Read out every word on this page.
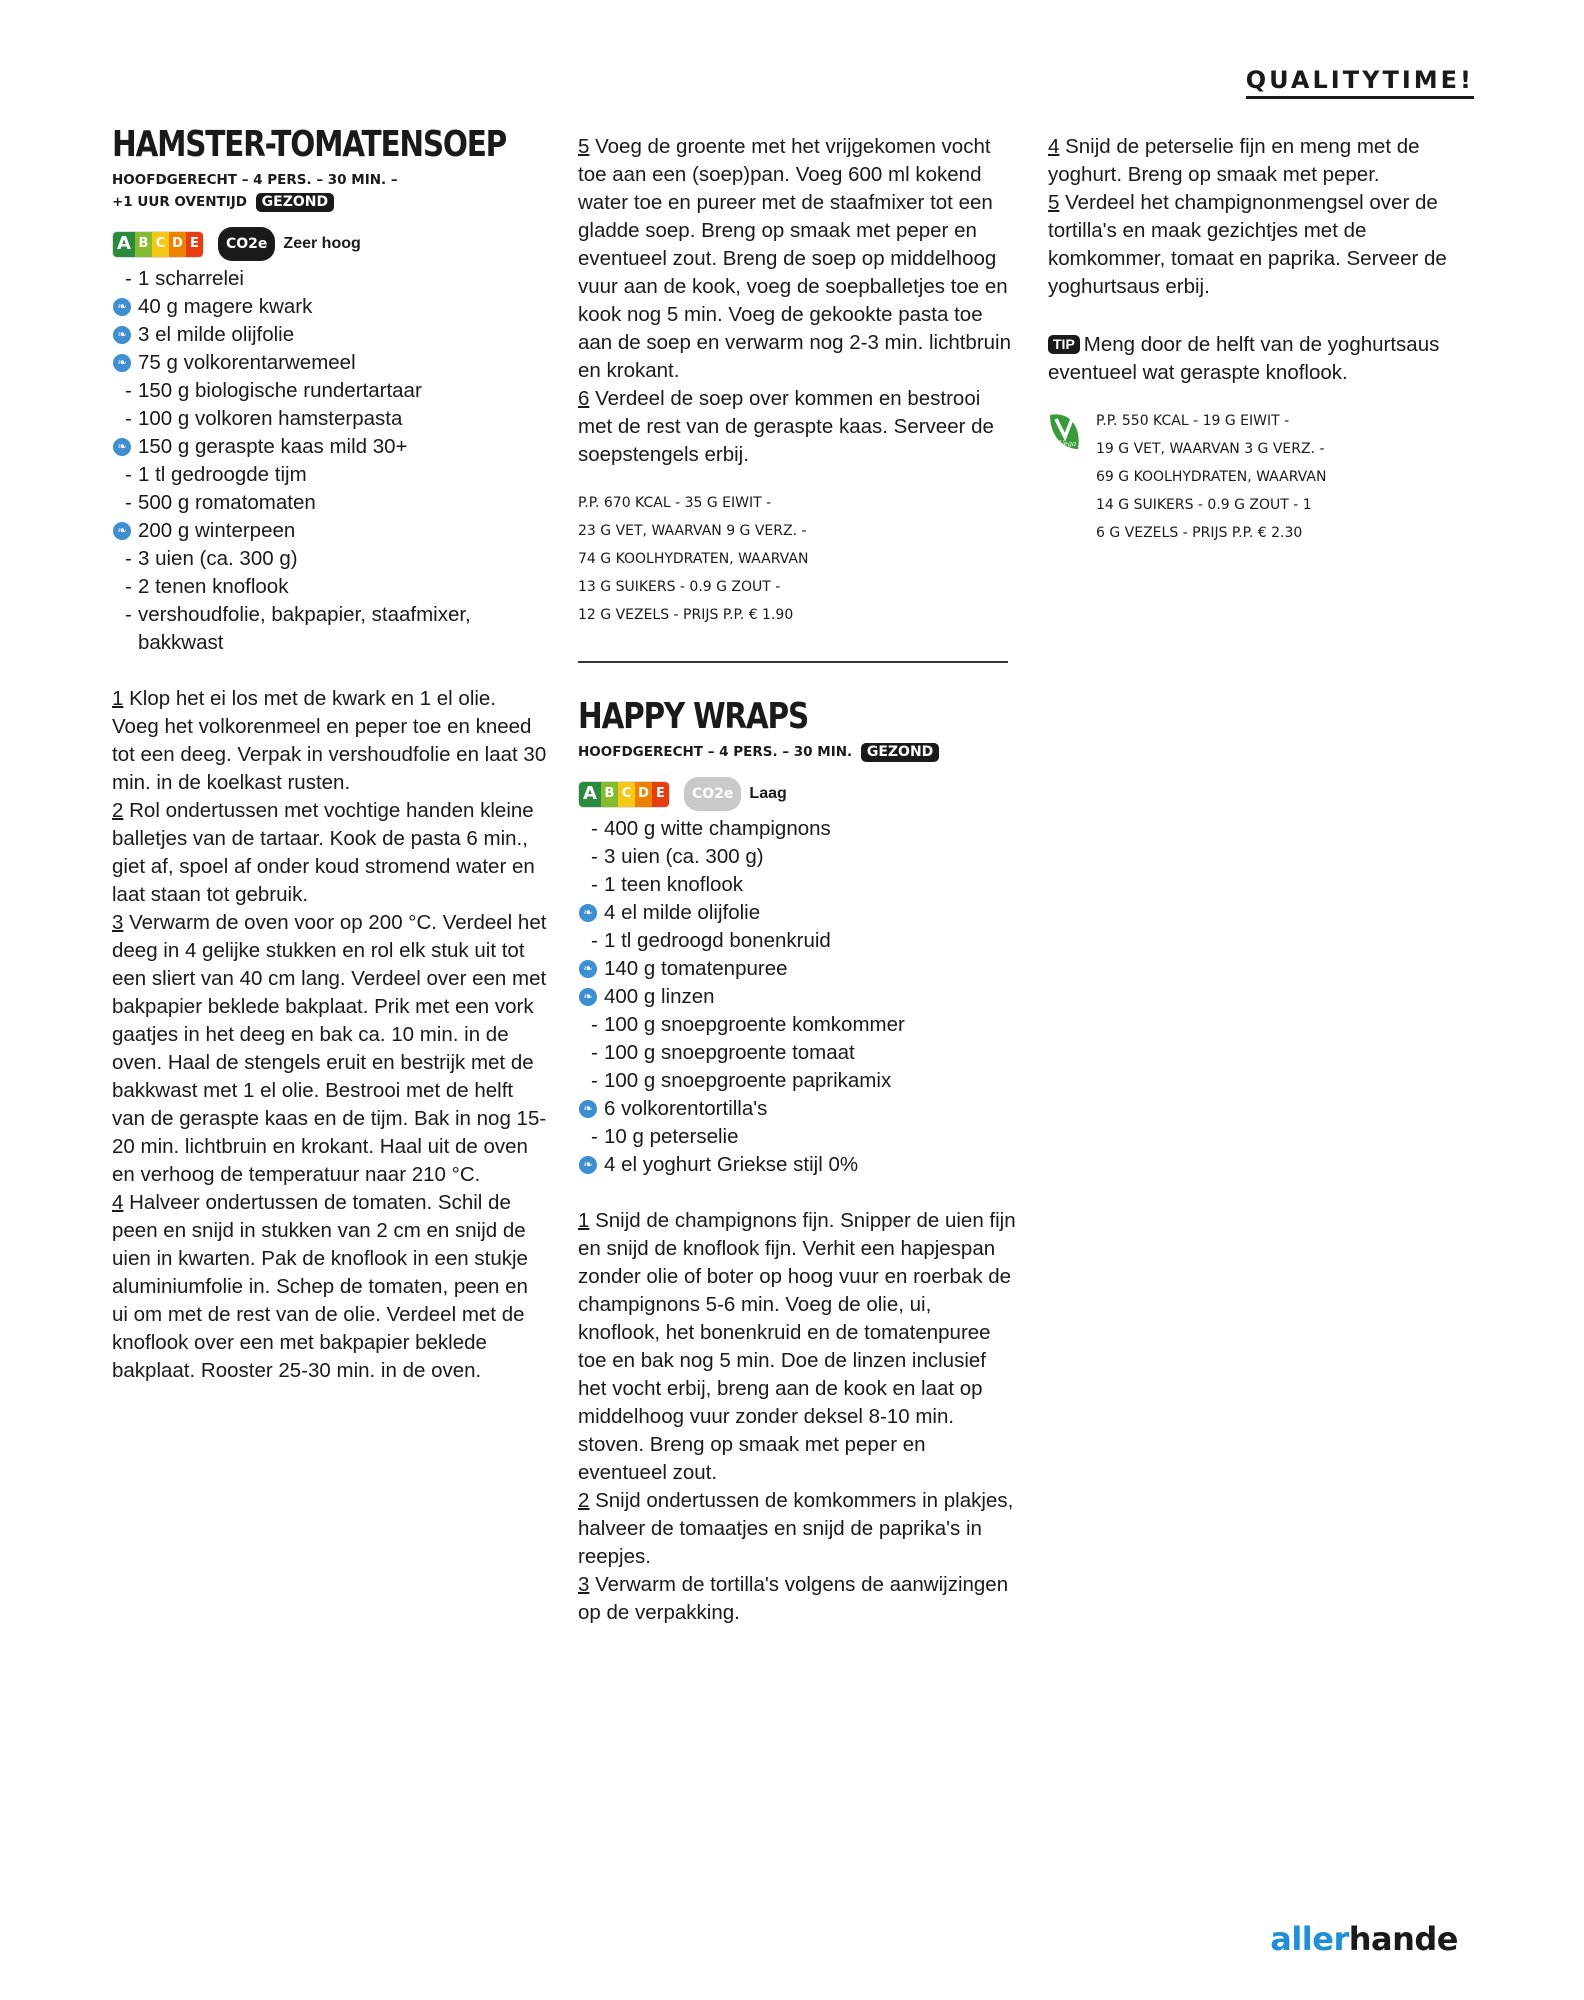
QUALITYTIME!
HAMSTER-TOMATENSOEP
HOOFDGERECHT – 4 PERS. – 30 MIN. –
+1 UUR OVENTIJD GEZOND
A B C D E	CO2e	Zeer hoog
- 1 scharrelei
❧ 40 g magere kwark
❧ 3 el milde olijfolie
❧ 75 g volkorentarwemeel
- 150 g biologische rundertartaar
- 100 g volkoren hamsterpasta
❧ 150 g geraspte kaas mild 30+
- 1 tl gedroogde tijm
- 500 g romatomaten
❧ 200 g winterpeen
- 3 uien (ca. 300 g)
- 2 tenen knoflook
- vershoudfolie, bakpapier, staafmixer, bakkwast

1 Klop het ei los met de kwark en 1 el olie. Voeg het volkorenmeel en peper toe en kneed tot een deeg. Verpak in vershoudfolie en laat 30 min. in de koelkast rusten.

2 Rol ondertussen met vochtige handen kleine balletjes van de tartaar. Kook de pasta 6 min., giet af, spoel af onder koud stromend water en laat staan tot gebruik.

3 Verwarm de oven voor op 200 °C. Verdeel het deeg in 4 gelijke stukken en rol elk stuk uit tot een sliert van 40 cm lang. Verdeel over een met bakpapier beklede bakplaat. Prik met een vork gaatjes in het deeg en bak ca. 10 min. in de oven. Haal de stengels eruit en bestrijk met de bakkwast met 1 el olie. Bestrooi met de helft van de geraspte kaas en de tijm. Bak in nog 15-20 min. lichtbruin en krokant. Haal uit de oven en verhoog de temperatuur naar 210 °C.

4 Halveer ondertussen de tomaten. Schil de peen en snijd in stukken van 2 cm en snijd de uien in kwarten. Pak de knoflook in een stukje aluminiumfolie in. Schep de tomaten, peen en ui om met de rest van de olie. Verdeel met de knoflook over een met bakpapier beklede bakplaat. Rooster 25-30 min. in de oven.

5 Voeg de groente met het vrijgekomen vocht toe aan een (soep)pan. Voeg 600 ml kokend water toe en pureer met de staafmixer tot een gladde soep. Breng op smaak met peper en eventueel zout. Breng de soep op middelhoog vuur aan de kook, voeg de soepballetjes toe en kook nog 5 min. Voeg de gekookte pasta toe aan de soep en verwarm nog 2-3 min. lichtbruin en krokant.

6 Verdeel de soep over kommen en bestrooi met de rest van de geraspte kaas. Serveer de soepstengels erbij.

P.P. 670 KCAL - 35 G EIWIT -
23 G VET, WAARVAN 9 G VERZ. -
74 G KOOLHYDRATEN, WAARVAN
13 G SUIKERS - 0.9 G ZOUT -
12 G VEZELS - PRIJS P.P. € 1.90
HAPPY WRAPS
HOOFDGERECHT – 4 PERS. – 30 MIN. GEZOND
A B C D E	CO2e	Laag
- 400 g witte champignons
- 3 uien (ca. 300 g)
- 1 teen knoflook
❧ 4 el milde olijfolie
- 1 tl gedroogd bonenkruid
❧ 140 g tomatenpuree
❧ 400 g linzen
- 100 g snoepgroente komkommer
- 100 g snoepgroente tomaat
- 100 g snoepgroente paprikamix
❧ 6 volkorentortilla's
- 10 g peterselie
❧ 4 el yoghurt Griekse stijl 0%

1 Snijd de champignons fijn. Snipper de uien fijn en snijd de knoflook fijn. Verhit een hapjespan zonder olie of boter op hoog vuur en roerbak de champignons 5-6 min. Voeg de olie, ui, knoflook, het bonenkruid en de tomatenpuree toe en bak nog 5 min. Doe de linzen inclusief het vocht erbij, breng aan de kook en laat op middelhoog vuur zonder deksel 8-10 min. stoven. Breng op smaak met peper en eventueel zout.

2 Snijd ondertussen de komkommers in plakjes, halveer de tomaatjes en snijd de paprika's in reepjes.

3 Verwarm de tortilla's volgens de aanwijzingen op de verpakking.

4 Snijd de peterselie fijn en meng met de yoghurt. Breng op smaak met peper.

5 Verdeel het champignonmengsel over de tortilla's en maak gezichtjes met de komkommer, tomaat en paprika. Serveer de yoghurtsaus erbij.

TIP Meng door de helft van de yoghurtsaus eventueel wat geraspte knoflook.
Vega
P.P. 550 KCAL - 19 G EIWIT -
19 G VET, WAARVAN 3 G VERZ. -
69 G KOOLHYDRATEN, WAARVAN
14 G SUIKERS - 0.9 G ZOUT - 1
6 G VEZELS - PRIJS P.P. € 2.30
allerhande
